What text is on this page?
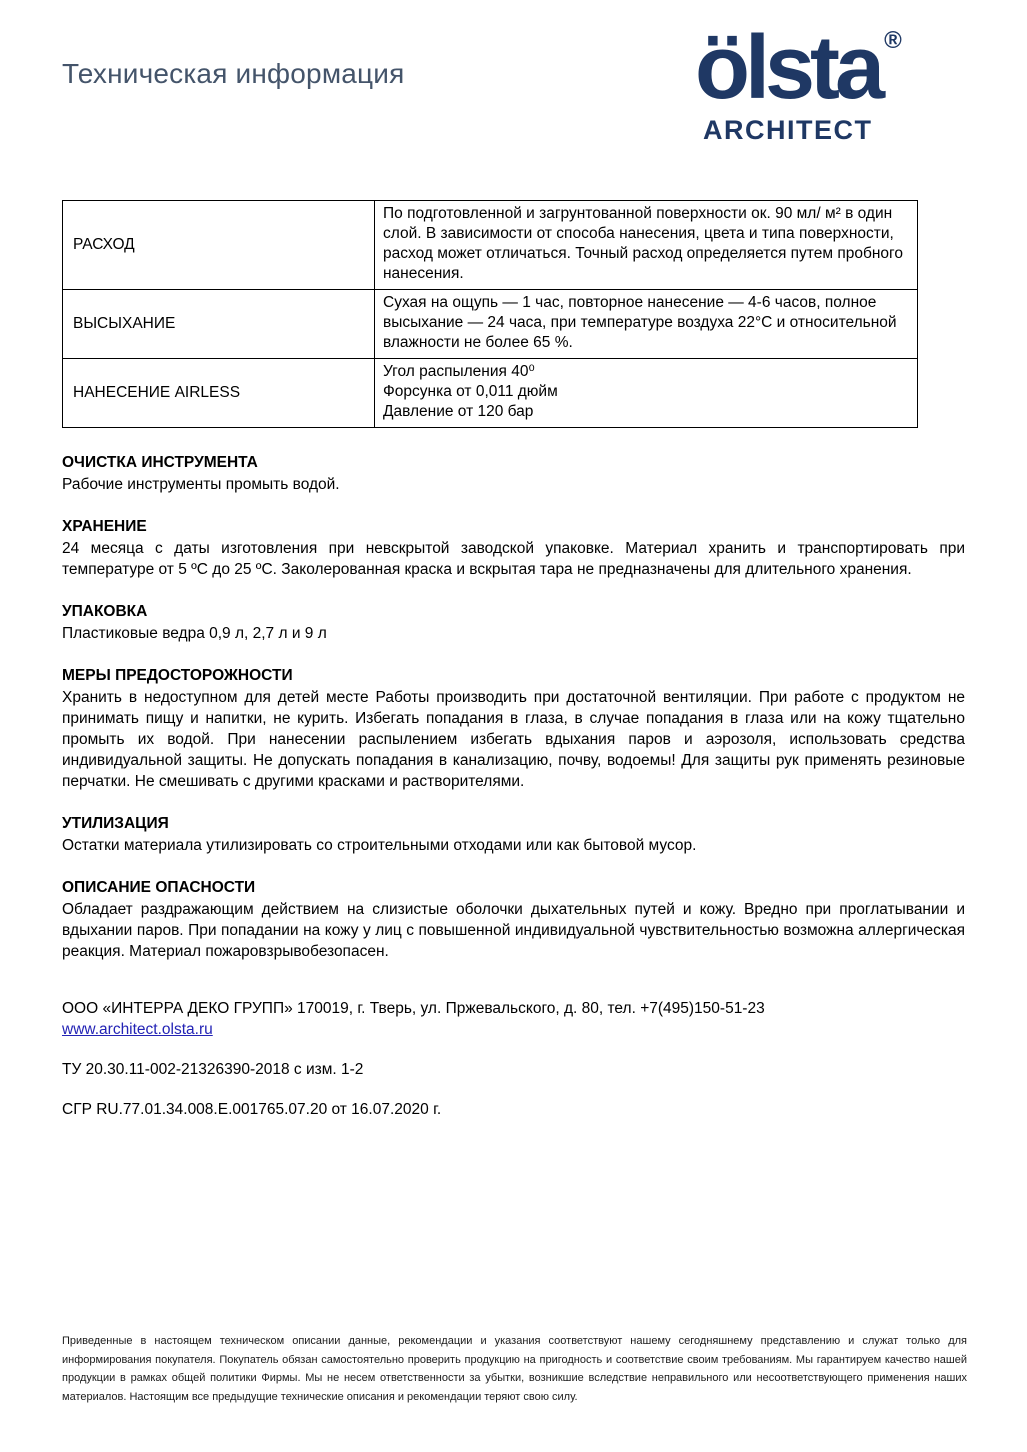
Техническая информация	ölsta ®
ARCHITECT
РАСХОД	По подготовленной и загрунтованной поверхности ок. 90 мл/ м² в один слой. В зависимости от способа нанесения, цвета и типа поверхности, расход может отличаться. Точный расход определяется путем пробного нанесения.
ВЫСЫХАНИЕ	Сухая на ощупь — 1 час, повторное нанесение — 4-6 часов, полное высыхание — 24 часа, при температуре воздуха 22°С и относительной влажности не более 65 %.
НАНЕСЕНИЕ AIRLESS	Угол распыления 40⁰
Форсунка от 0,011 дюйм
Давление от 120 бар
ОЧИСТКА ИНСТРУМЕНТА

Рабочие инструменты промыть водой.

ХРАНЕНИЕ

24 месяца с даты изготовления при невскрытой заводской упаковке. Материал хранить и транспортировать при температуре от 5 ºС до 25 ºС. Заколерованная краска и вскрытая тара не предназначены для длительного хранения.

УПАКОВКА

Пластиковые ведра 0,9 л, 2,7 л и 9 л

МЕРЫ ПРЕДОСТОРОЖНОСТИ

Хранить в недоступном для детей месте Работы производить при достаточной вентиляции. При работе с продуктом не принимать пищу и напитки, не курить. Избегать попадания в глаза, в случае попадания в глаза или на кожу тщательно промыть их водой. При нанесении распылением избегать вдыхания паров и аэрозоля, использовать средства индивидуальной защиты. Не допускать попадания в канализацию, почву, водоемы! Для защиты рук применять резиновые перчатки. Не смешивать с другими красками и растворителями.

УТИЛИЗАЦИЯ

Остатки материала утилизировать со строительными отходами или как бытовой мусор.

ОПИСАНИЕ ОПАСНОСТИ

Обладает раздражающим действием на слизистые оболочки дыхательных путей и кожу. Вредно при проглатывании и вдыхании паров. При попадании на кожу у лиц с повышенной индивидуальной чувствительностью возможна аллергическая реакция. Материал пожаровзрывобезопасен.

ООО «ИНТЕРРА ДЕКО ГРУПП» 170019, г. Тверь, ул. Пржевальского, д. 80, тел. +7(495)150-51-23

www.architect.olsta.ru

ТУ 20.30.11-002-21326390-2018 с изм. 1-2

СГР RU.77.01.34.008.Е.001765.07.20 от 16.07.2020 г.

Приведенные в настоящем техническом описании данные, рекомендации и указания соответствуют нашему сегодняшнему представлению и служат только для информирования покупателя. Покупатель обязан самостоятельно проверить продукцию на пригодность и соответствие своим требованиям. Мы гарантируем качество нашей продукции в рамках общей политики Фирмы. Мы не несем ответственности за убытки, возникшие вследствие неправильного или несоответствующего применения наших материалов. Настоящим все предыдущие технические описания и рекомендации теряют свою силу.
